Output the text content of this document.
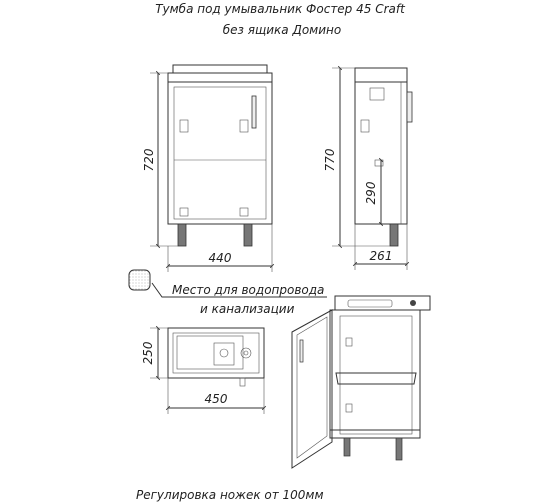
Тумба под умывальник Фостер 45 Craft
без ящика Домино
720
440
770
290
261
Место для водопровода
и канализации
250
450
Регулировка ножек от 100мм
